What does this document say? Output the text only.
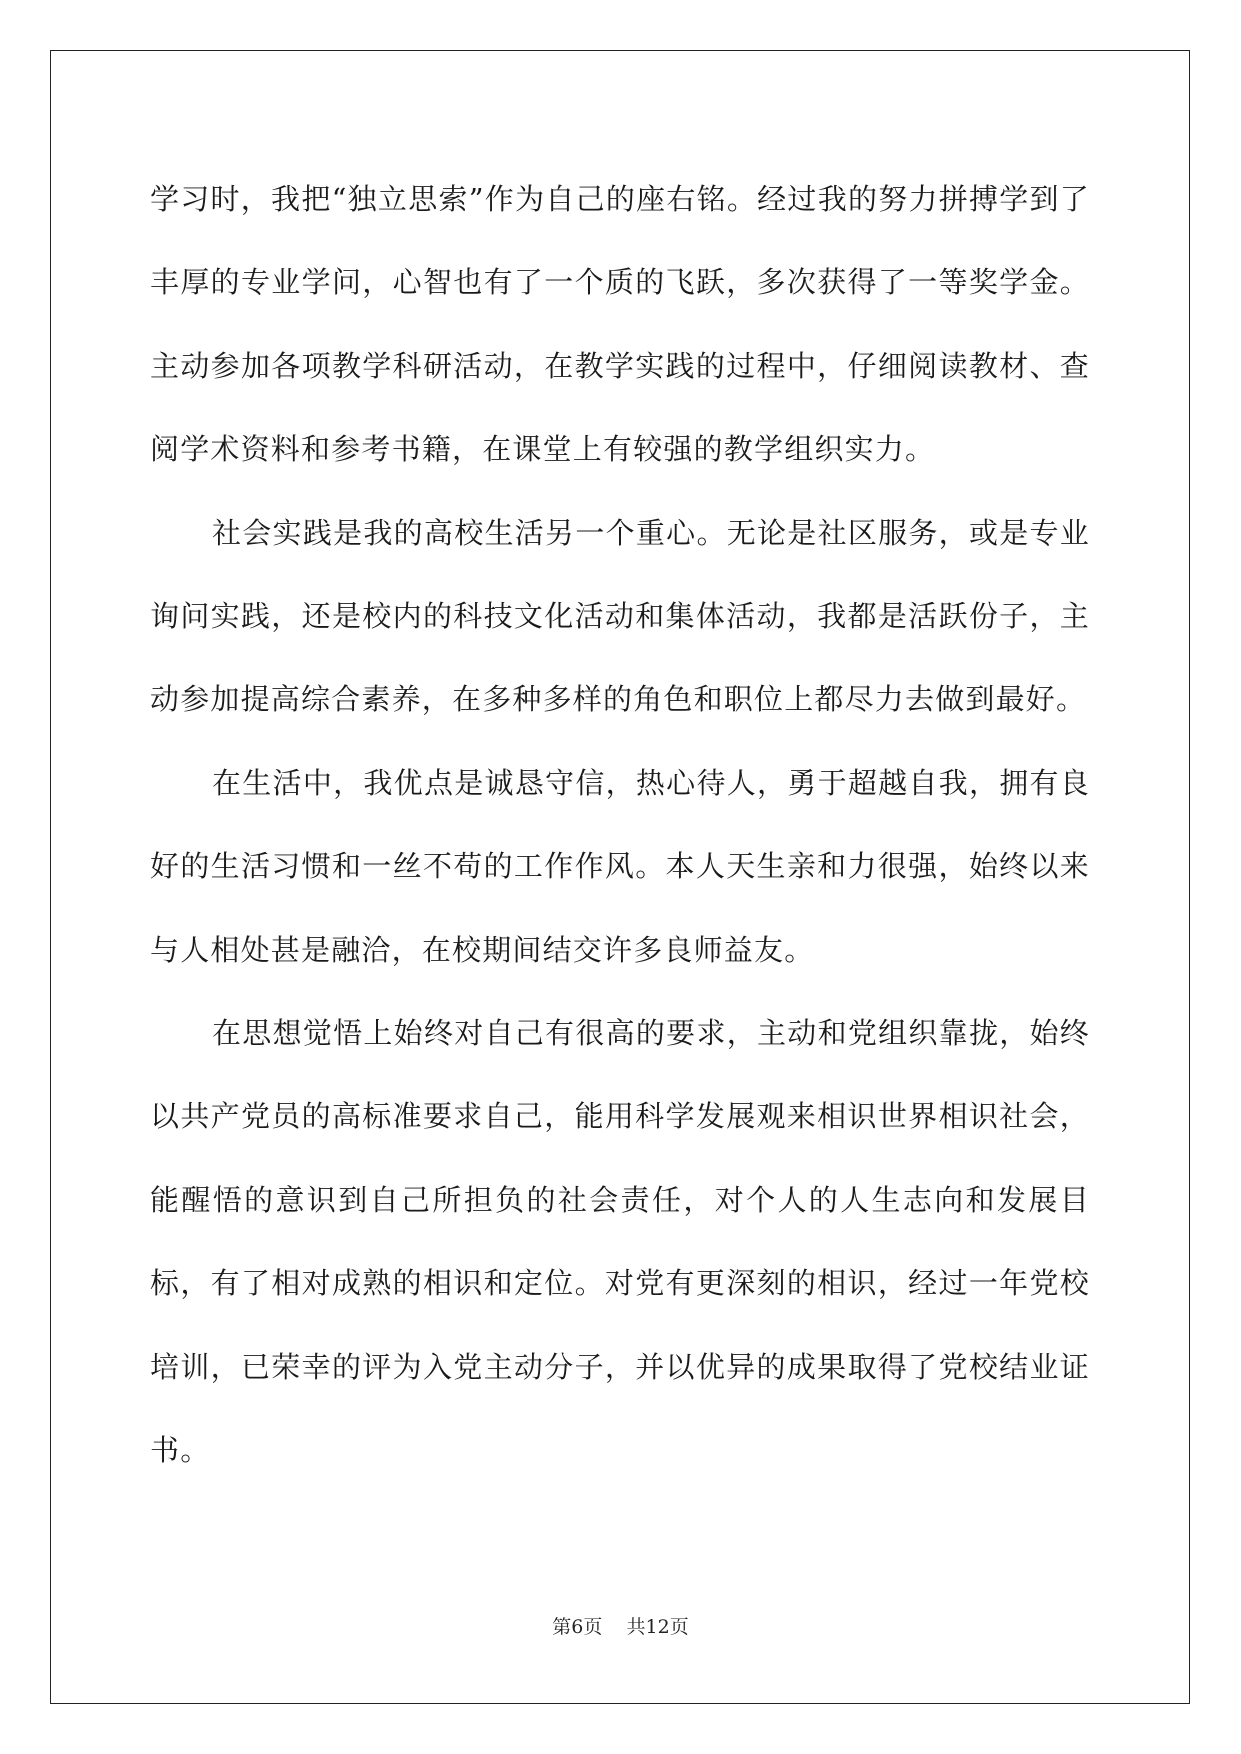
学习时，我把“独立思索”作为自己的座右铭。经过我的努力拼搏学到了丰厚的专业学问，心智也有了一个质的飞跃，多次获得了一等奖学金。主动参加各项教学科研活动，在教学实践的过程中，仔细阅读教材、查阅学术资料和参考书籍，在课堂上有较强的教学组织实力。

社会实践是我的高校生活另一个重心。无论是社区服务，或是专业询问实践，还是校内的科技文化活动和集体活动，我都是活跃份子，主动参加提高综合素养，在多种多样的角色和职位上都尽力去做到最好。

在生活中，我优点是诚恳守信，热心待人，勇于超越自我，拥有良好的生活习惯和一丝不苟的工作作风。本人天生亲和力很强，始终以来与人相处甚是融洽，在校期间结交许多良师益友。

在思想觉悟上始终对自己有很高的要求，主动和党组织靠拢，始终以共产党员的高标准要求自己，能用科学发展观来相识世界相识社会，能醒悟的意识到自己所担负的社会责任，对个人的人生志向和发展目标，有了相对成熟的相识和定位。对党有更深刻的相识，经过一年党校培训，已荣幸的评为入党主动分子，并以优异的成果取得了党校结业证书。

第6页 共12页
